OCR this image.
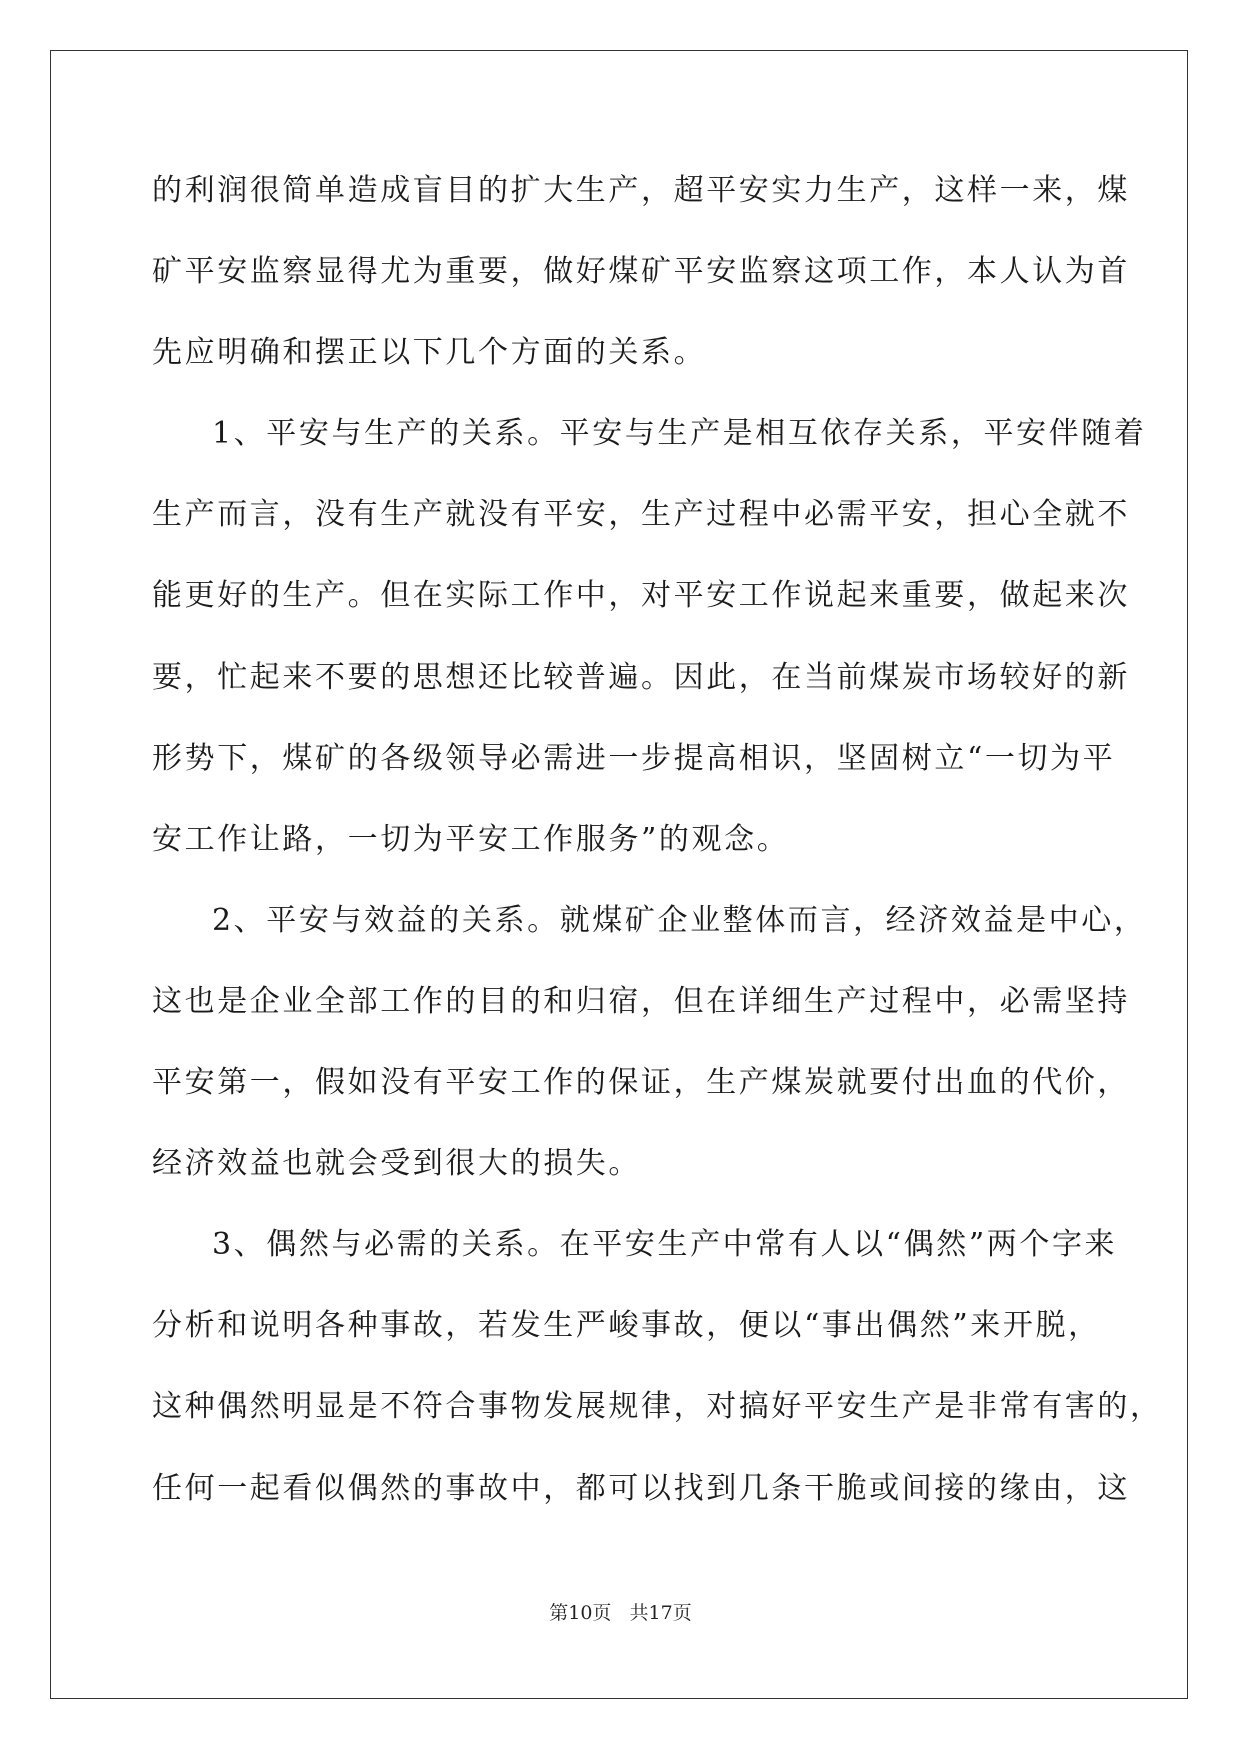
的利润很简单造成盲目的扩大生产，超平安实力生产，这样一来，煤
矿平安监察显得尤为重要，做好煤矿平安监察这项工作，本人认为首
先应明确和摆正以下几个方面的关系。
1、平安与生产的关系。平安与生产是相互依存关系，平安伴随着
生产而言，没有生产就没有平安，生产过程中必需平安，担心全就不
能更好的生产。但在实际工作中，对平安工作说起来重要，做起来次
要，忙起来不要的思想还比较普遍。因此，在当前煤炭市场较好的新
形势下，煤矿的各级领导必需进一步提高相识，坚固树立“一切为平
安工作让路，一切为平安工作服务”的观念。
2、平安与效益的关系。就煤矿企业整体而言，经济效益是中心，
这也是企业全部工作的目的和归宿，但在详细生产过程中，必需坚持
平安第一，假如没有平安工作的保证，生产煤炭就要付出血的代价，
经济效益也就会受到很大的损失。
3、偶然与必需的关系。在平安生产中常有人以“偶然”两个字来
分析和说明各种事故，若发生严峻事故，便以“事出偶然”来开脱，
这种偶然明显是不符合事物发展规律，对搞好平安生产是非常有害的，
任何一起看似偶然的事故中，都可以找到几条干脆或间接的缘由，这
第10页   共17页
